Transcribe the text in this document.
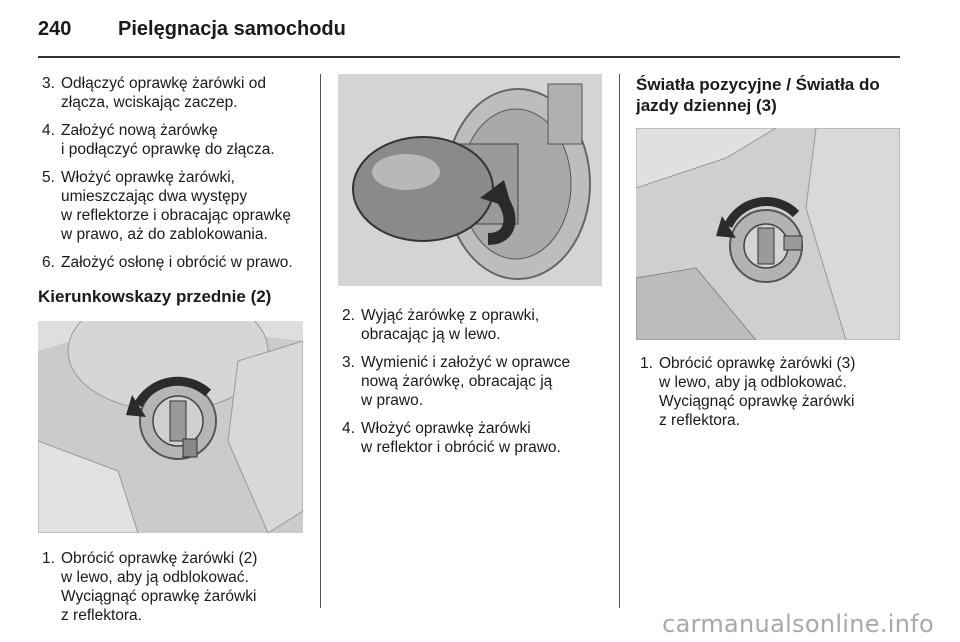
240 Pielęgnacja samochodu
3. Odłączyć oprawkę żarówki od
złącza, wciskając zaczep.
4. Założyć nową żarówkę
i podłączyć oprawkę do złącza.
5. Włożyć oprawkę żarówki,
umieszczając dwa występy
w reflektorze i obracając oprawkę
w prawo, aż do zablokowania.
6. Założyć osłonę i obrócić w prawo.
Kierunkowskazy przednie (2)
1. Obrócić oprawkę żarówki (2)
w lewo, aby ją odblokować.
Wyciągnąć oprawkę żarówki
z reflektora.
2. Wyjąć żarówkę z oprawki,
obracając ją w lewo.
3. Wymienić i założyć w oprawce
nową żarówkę, obracając ją
w prawo.
4. Włożyć oprawkę żarówki
w reflektor i obrócić w prawo.
Światła pozycyjne / Światła do
jazdy dziennej (3)
1. Obrócić oprawkę żarówki (3)
w lewo, aby ją odblokować.
Wyciągnąć oprawkę żarówki
z reflektora.
carmanualsonline.info
